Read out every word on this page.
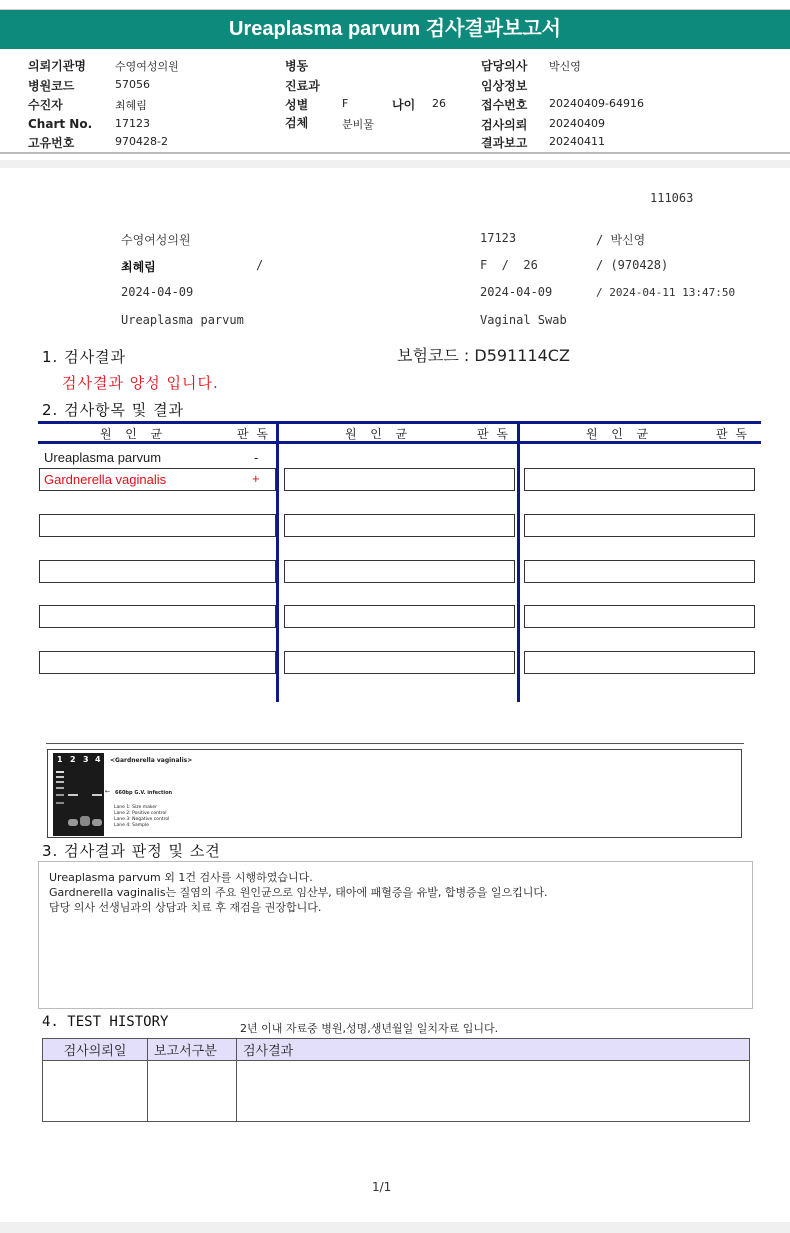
Ureaplasma parvum 검사결과보고서
의뢰기관명	수영여성의원
병원코드	57056
수진자	최혜림
Chart No. 17123
고유번호	970428-2
병동
진료과
성별	F	나이 26
검체	분비물
담당의사 박신영
임상정보
접수번호 20240409-64916
검사의뢰 20240409
결과보고 20240411
111063
수영여성의원	17123	/ 박신영
최혜림	/	F  /  26	/ (970428)
2024-04-09	2024-04-09	/ 2024-04-11 13:47:50
Ureaplasma parvum	Vaginal Swab
1. 검사결과	보험코드 : D591114CZ
검사결과 양성 입니다.
2. 검사항목 및 결과
원  인  균	판 독	원  인  균	판 독	원  인  균	판 독
Ureaplasma parvum	-
Gardnerella vaginalis	+
1 2 3 4 <Gardnerella vaginalis>
← 660bp G.V. infection
Lane 1: Size maker
Lane 2: Positive control
Lane 3: Negative control
Lane 4: Sample
3. 검사결과 판정 및 소견
Ureaplasma parvum 외 1건 검사를 시행하였습니다.
Gardnerella vaginalis는 질염의 주요 원인균으로 임산부, 태아에 패혈증을 유발, 합병증을 일으킵니다.
담당 의사 선생님과의 상담과 치료 후 재검을 권장합니다.
4. TEST HISTORY	2년 이내 자료중 병원,성명,생년월일 일치자료 입니다.
검사의뢰일	보고서구분	검사결과

1/1
